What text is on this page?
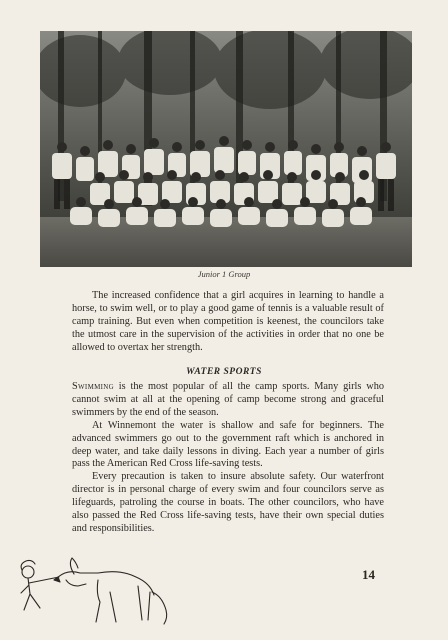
Junior 1 Group

The increased confidence that a girl acquires in learning to handle a horse, to swim well, or to play a good game of tennis is a valuable result of camp training. But even when competition is keenest, the councilors take the utmost care in the supervision of the activities in order that no one be allowed to overtax her strength.

WATER SPORTS

Swimming is the most popular of all the camp sports. Many girls who cannot swim at all at the opening of camp become strong and graceful swimmers by the end of the season.

At Winnemont the water is shallow and safe for beginners. The advanced swimmers go out to the government raft which is anchored in deep water, and take daily lessons in diving. Each year a number of girls pass the American Red Cross life-saving tests.

Every precaution is taken to insure absolute safety. Our waterfront director is in personal charge of every swim and four councilors serve as lifeguards, patroling the course in boats. The other councilors, who have also passed the Red Cross life-saving tests, have their own special duties and responsibilities.

14
